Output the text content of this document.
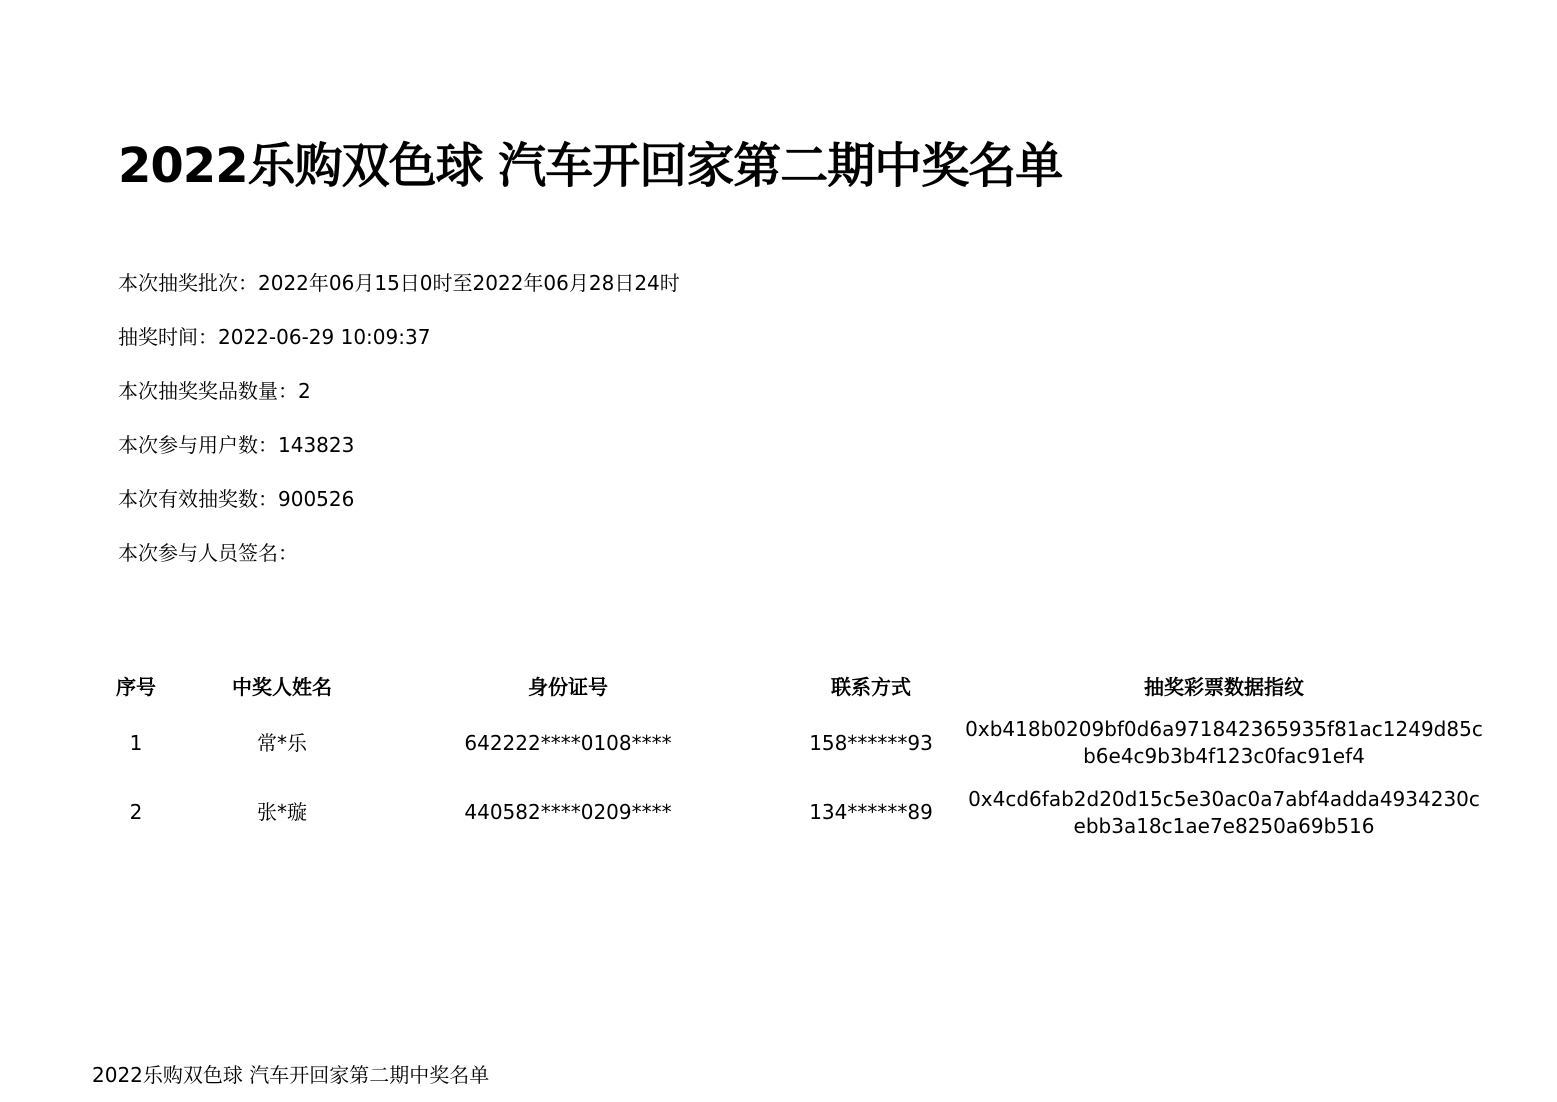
2022乐购双色球 汽车开回家第二期中奖名单
本次抽奖批次：2022年06月15日0时至2022年06月28日24时
抽奖时间：2022-06-29 10:09:37
本次抽奖奖品数量：2
本次参与用户数：143823
本次有效抽奖数：900526
本次参与人员签名：
序号	中奖人姓名	身份证号	联系方式	抽奖彩票数据指纹
1	常*乐	642222****0108****	158******93
0xb418b0209bf0d6a971842365935f81ac1249d85c
b6e4c9b3b4f123c0fac91ef4
2	张*璇	440582****0209****	134******89
0x4cd6fab2d20d15c5e30ac0a7abf4adda4934230c
ebb3a18c1ae7e8250a69b516
2022乐购双色球 汽车开回家第二期中奖名单
